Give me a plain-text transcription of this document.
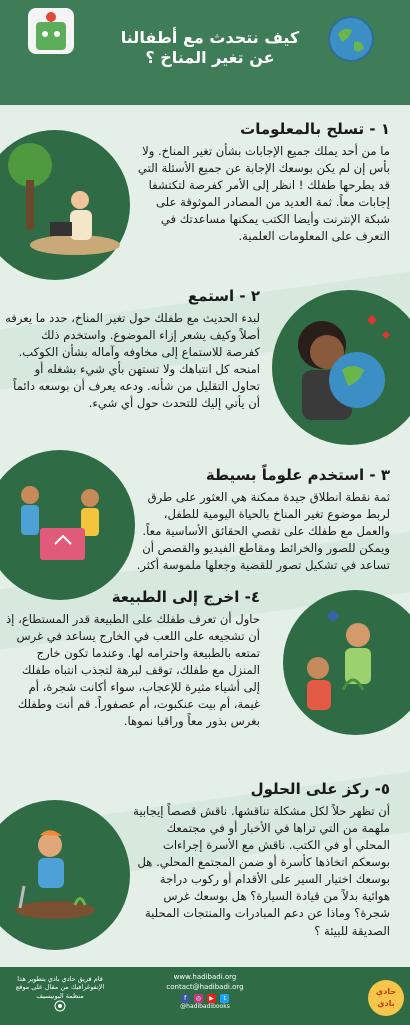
كيف نتحدث مع أطفالنا عن تغير المناخ ؟
١ - تسلح بالمعلومات
ما من أحد يملك جميع الإجابات بشأن تغير المناخ. ولا بأس إن لم يكن بوسعك الإجابة عن جميع الأسئلة التي قد يطرحها طفلك ! انظر إلى الأمر كفرصة لتكتشفا إجابات معاً. ثمة العديد من المصادر الموثوقة على شبكة الإنترنت وأيضا الكتب يمكنها مساعدتك في التعرف على المعلومات العلمية.
٢ - استمع
لبدء الحديث مع طفلك حول تغير المناخ، حدد ما يعرفه أصلاً وكيف يشعر إزاء الموضوع. واستخدم ذلك كفرصة للاستماع إلى مخاوفه وآماله بشأن الكوكب. امنحه كل انتباهك ولا تستهن بأي شيء بشغله أو تحاول التقليل من شأنه. ودعه يعرف أن بوسعه دائماً أن يأتي إليك للتحدث حول أي شيء.
٣ - استخدم علوماً بسيطة
ثمة نقطة انطلاق جيدة ممكنة هي العثور على طرق لربط موضوع تغير المناخ بالحياة اليومية للطفل، والعمل مع طفلك على تقصي الحقائق الأساسية معاً. ويمكن للصور والخرائط ومقاطع الفيديو والقصص أن تساعد في تشكيل تصور للقضية وجعلها ملموسة أكثر.
٤- اخرج إلى الطبيعة
حاول أن تعرف طفلك على الطبيعة قدر المستطاع، إذ أن تشجيعه على اللعب في الخارج يساعد في غرس تمتعه بالطبيعة واحترامه لها. وعندما تكون خارج المنزل مع طفلك، توقف لبرهة لتجذب انتباه طفلك إلى أشياء مثيرة للإعجاب، سواء أكانت شجرة، أم غيمة، أم بيت عنكبوت، أم عصفوراً. قم أنت وطفلك بغرس بذور معاً وراقبا نموها.
٥- ركز على الحلول
أن تظهر حلاً لكل مشكلة تناقشها. ناقش قصصاً إيجابية ملهمة من التي تراها في الأخبار أو في مجتمعك المحلي أو في الكتب. ناقش مع الأسرة إجراءات بوسعكم اتخاذها كأسرة أو ضمن المجتمع المحلي. هل بوسعك اختيار السير على الأقدام أو ركوب دراجة هوائية بدلاً من قيادة السيارة؟ هل بوسعك غرس شجرة؟ وماذا عن دعم المبادرات والمنتجات المحلية الصديقة للبيئة ؟
قام فريق حادي بادي بتطوير هذا الإنفوغرافيك من مقال على موقع منظمة اليونيسيف
www.hadibadi.org
contact@hadibadi.org
f ◎ ▶ t
@hadibadibooks
حادي بادي
